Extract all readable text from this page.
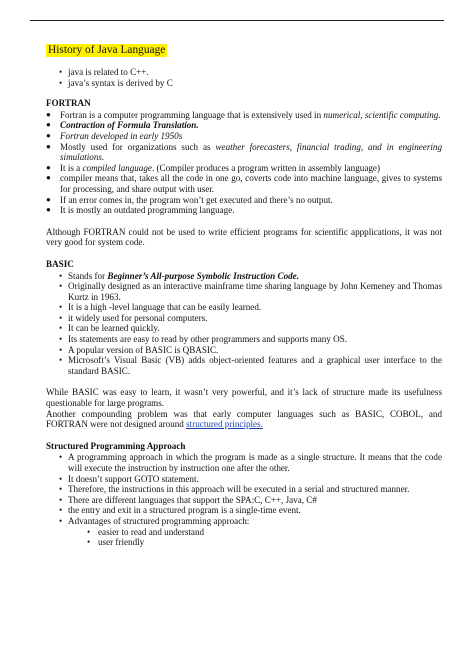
History of Java Language
• java is related to C++.
• java’s syntax is derived by C
FORTRAN
● Fortran is a computer programming language that is extensively used in numerical, scientific computing.
● Contraction of Formula Translation.
● Fortran developed in early 1950s
● Mostly used for organizations such as weather forecasters, financial trading, and in engineering simulations.
● It is a compiled language. (Compiler produces a program written in assembly language)
● compiler means that, takes all the code in one go, coverts code into machine language, gives to systems for processing, and share output with user.
● If an error comes in, the program won’t get executed and there’s no output.
● It is mostly an outdated programming language.

Although FORTRAN could not be used to write efficient programs for scientific appplications, it was not very good for system code.

BASIC
• Stands for Beginner’s All-purpose Symbolic Instruction Code.
• Originally designed as an interactive mainframe time sharing language by John Kemeney and Thomas Kurtz in 1963.
• It is a high -level language that can be easily learned.
• it widely used for personal computers.
• It can be learned quickly.
• Its statements are easy to read by other programmers and supports many OS.
• A popular version of BASIC is QBASIC.
• Microsoft’s Visual Basic (VB) adds object-oriented features and a graphical user interface to the standard BASIC.

While BASIC was easy to learn, it wasn’t very powerful, and it’s lack of structure made its usefulness questionable for large programs.

Another compounding problem was that early computer languages such as BASIC, COBOL, and FORTRAN were not designed around structured principles.

Structured Programming Approach
• A programming approach in which the program is made as a single structure. It means that the code will execute the instruction by instruction one after the other.
• It doesn’t support GOTO statement.
• Therefore, the instructions in this approach will be executed in a serial and structured manner.
• There are different languages that support the SPA:C, C++, Java, C#
• the entry and exit in a structured program is a single-time event.
• Advantages of structured programming approach:
• easier to read and understand
• user friendly
